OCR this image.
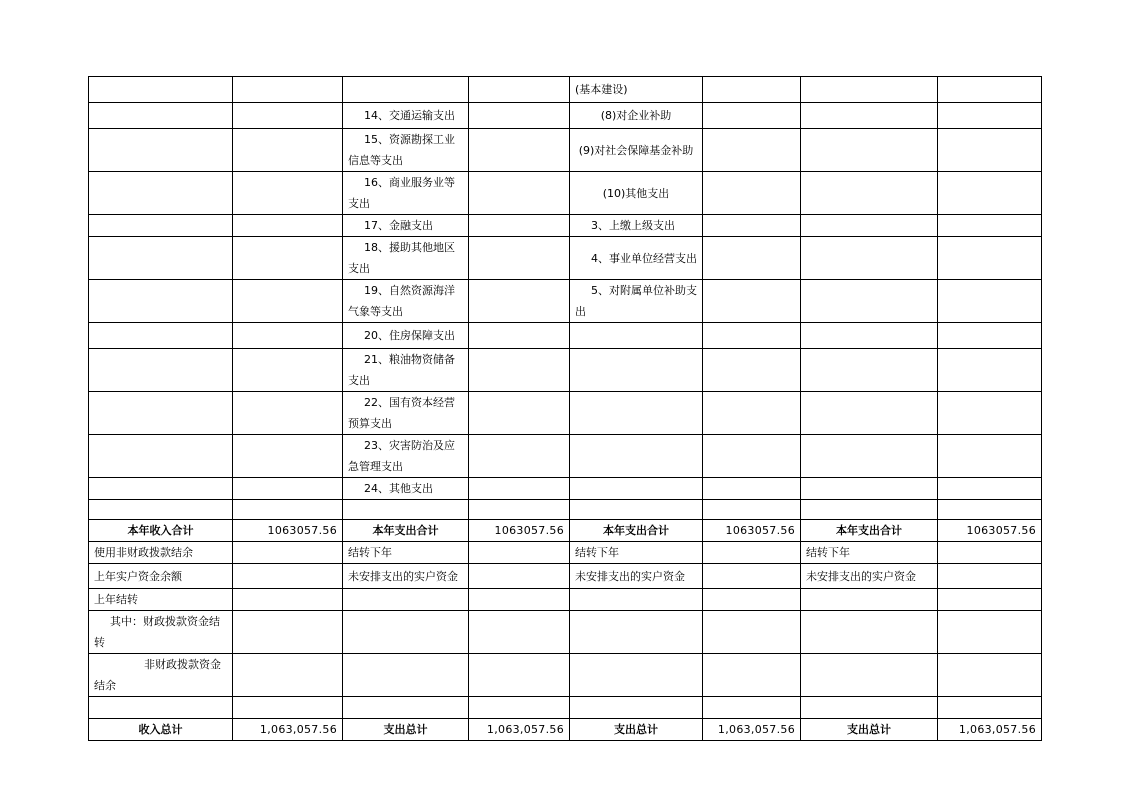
				(基本建设)			
		14、交通运输支出		(8)对企业补助			
		15、资源勘探工业信息等支出		(9)对社会保障基金补助			
		16、商业服务业等支出		(10)其他支出			
		17、金融支出		3、上缴上级支出			
		18、援助其他地区支出		4、事业单位经营支出			
		19、自然资源海洋气象等支出		5、对附属单位补助支出			
		20、住房保障支出					
		21、粮油物资储备支出					
		22、国有资本经营预算支出					
		23、灾害防治及应急管理支出					
		24、其他支出					

本年收入合计	1063057.56	本年支出合计	1063057.56	本年支出合计	1063057.56	本年支出合计	1063057.56
使用非财政拨款结余		结转下年		结转下年		结转下年	
上年实户资金余额		未安排支出的实户资金		未安排支出的实户资金		未安排支出的实户资金	
上年结转							
其中：财政拨款资金结转							
非财政拨款资金结余							

收入总计	1,063,057.56	支出总计	1,063,057.56	支出总计	1,063,057.56	支出总计	1,063,057.56
